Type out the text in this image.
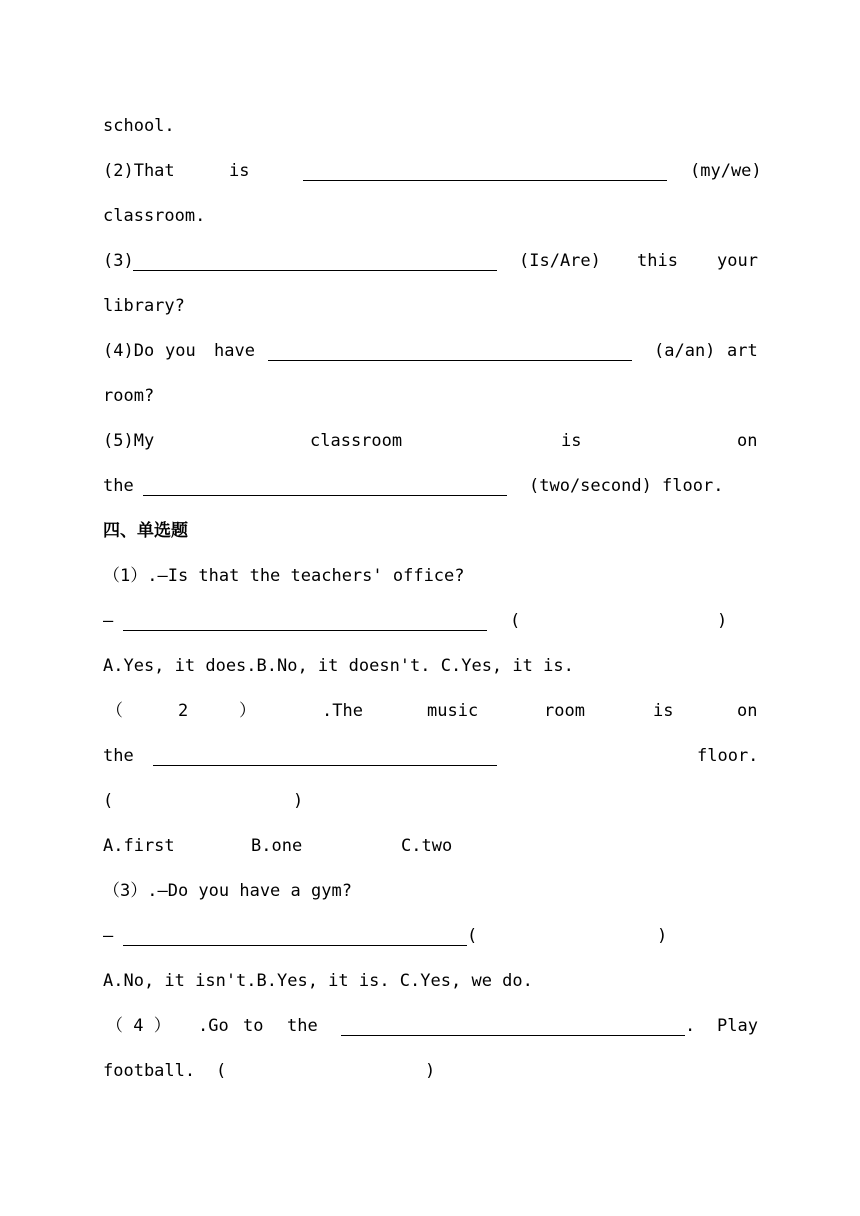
school.
(2)That	is	(my/we)
classroom.
(3)	(Is/Are) this your
library?
(4)Do you have	(a/an) art
room?
(5)My	classroom	is	on
the	(two/second) floor.
四、单选题
（1）.—Is that the teachers' office?
—	(	)
A.Yes, it does.B.No, it doesn't. C.Yes, it is.
（	2	）	.The	music	room	is	on
the	floor.
(	)
A.first	B.one	C.two
（3）.—Do you have a gym?
—	(	)
A.No, it isn't.B.Yes, it is. C.Yes, we do.
（ 4 ） .Go to the	. Play
football. (	)
